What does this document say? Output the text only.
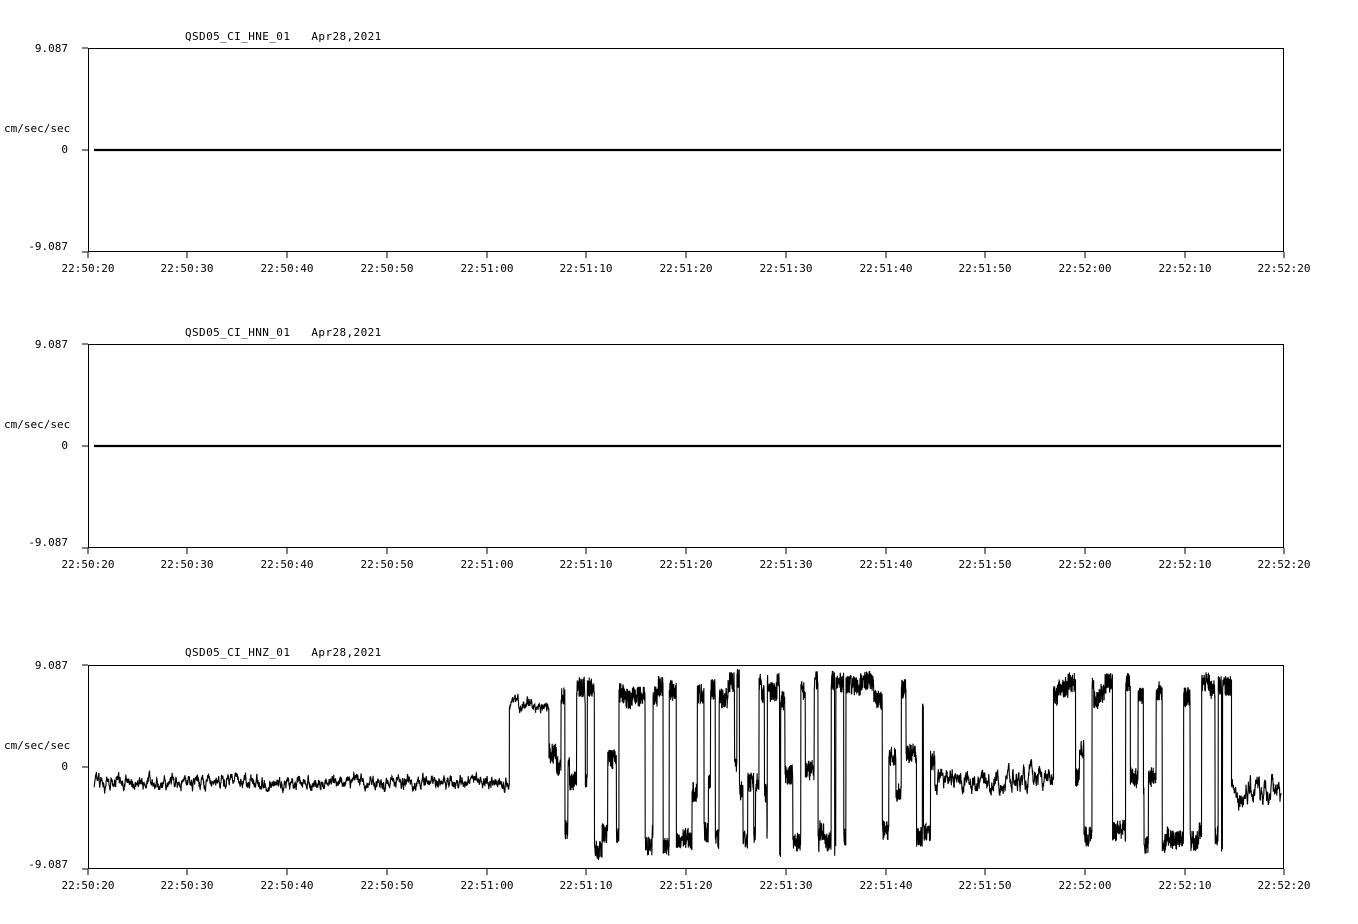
QSD05_CI_HNE_01   Apr28,2021
9.087
cm/sec/sec
0
-9.087
22:50:20	22:50:30	22:50:40	22:50:50	22:51:00	22:51:10	22:51:20	22:51:30	22:51:40	22:51:50	22:52:00	22:52:10	22:52:20
QSD05_CI_HNN_01   Apr28,2021
9.087
cm/sec/sec
0
-9.087
22:50:20	22:50:30	22:50:40	22:50:50	22:51:00	22:51:10	22:51:20	22:51:30	22:51:40	22:51:50	22:52:00	22:52:10	22:52:20
QSD05_CI_HNZ_01   Apr28,2021
9.087
cm/sec/sec
0
-9.087
22:50:20	22:50:30	22:50:40	22:50:50	22:51:00	22:51:10	22:51:20	22:51:30	22:51:40	22:51:50	22:52:00	22:52:10	22:52:20
